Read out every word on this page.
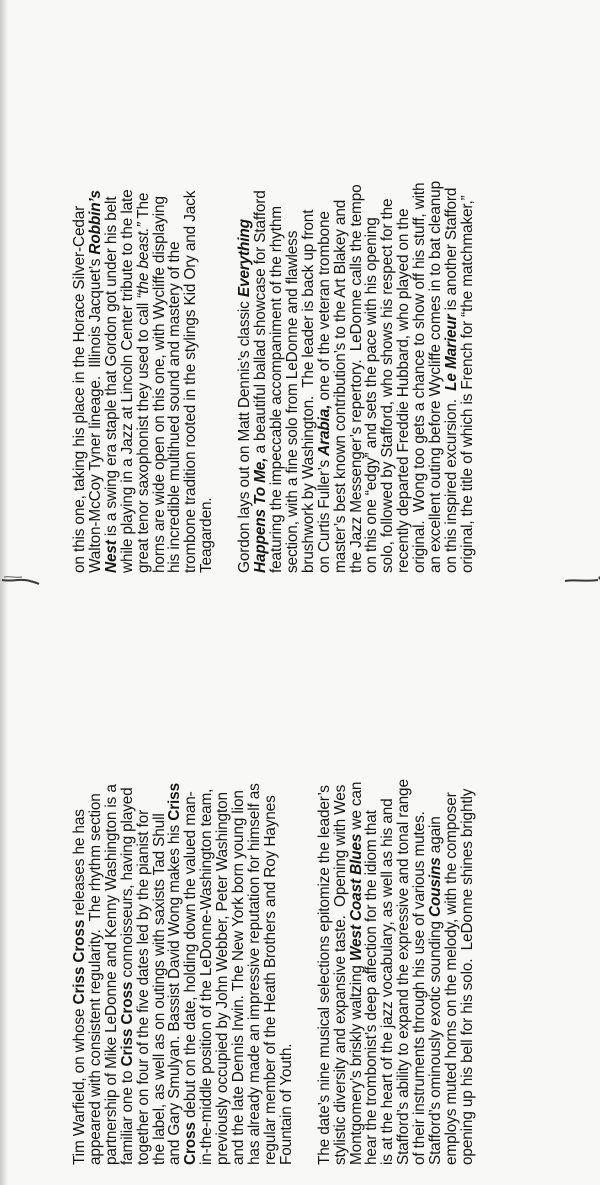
Tim Warfield, on whose Criss Cross releases he has
appeared with consistent regularity.  The rhythm section
partnership of Mike LeDonne and Kenny Washington is a
familiar one to Criss Cross connoisseurs, having played
together on four of the five dates led by the pianist for
the label, as well as on outings with saxists Tad Shull
and Gary Smulyan. Bassist David Wong makes his Criss
Cross debut on the date, holding down the valued man-
in-the-middle position of the LeDonne-Washington team,
previously occupied by John Webber, Peter Washington
and the late Dennis Irwin. The New York born young lion
has already made an impressive reputation for himself as
regular member of the Heath Brothers and Roy Haynes
Fountain of Youth. The date’s nine musical selections epitomize the leader’s
stylistic diversity and expansive taste.  Opening with Wes
Montgomery’s briskly waltzing West Coast Blues we can
hear the trombonist’s deep affection for the idiom that
is at the heart of the jazz vocabulary, as well as his and
Stafford’s ability to expand the expressive and tonal range
of their instruments through his use of various mutes.
Stafford’s ominously exotic sounding Cousins again
employs muted horns on the melody, with the composer
opening up his bell for his solo.  LeDonne shines brightly

on this one, taking his place in the Horace Silver-Cedar
Walton-McCoy Tyner lineage.  Illinois Jacquet’s Robbin’s
Nest is a swing era staple that Gordon got under his belt
while playing in a Jazz at Lincoln Center tribute to the late
great tenor saxophonist they used to call “the beast.” The
horns are wide open on this one, with Wycliffe displaying
his incredible multihued sound and mastery of the
trombone tradition rooted in the stylings Kid Ory and Jack
Teagarden. Gordon lays out on Matt Dennis’s classic Everything
Happens To Me, a beautiful ballad showcase for Stafford
featuring the impeccable accompaniment of the rhythm
section, with a fine solo from LeDonne and flawless
brushwork by Washington.  The leader is back up front
on Curtis Fuller’s Arabia, one of the veteran trombone
master’s best known contribution’s to the Art Blakey and
the Jazz Messenger’s repertory.  LeDonne calls the tempo
on this one “edgy” and sets the pace with his opening
solo, followed by Stafford, who shows his respect for the
recently departed Freddie Hubbard, who played on the
original.  Wong too gets a chance to show off his stuff, with
an excellent outing before Wycliffe comes in to bat cleanup
on this inspired excursion.  Le Marieur is another Stafford
original, the title of which is French for “the matchmaker,”
